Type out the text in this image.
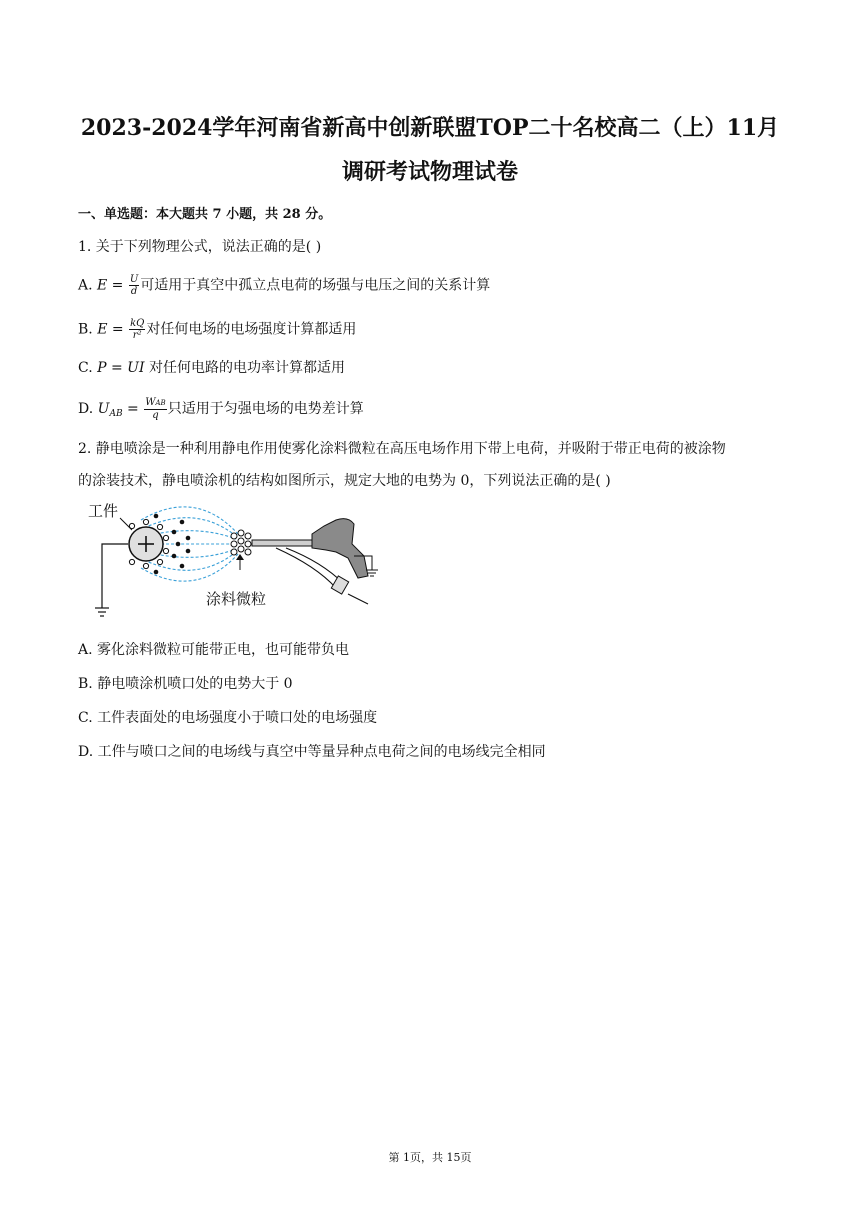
2023-2024学年河南省新高中创新联盟TOP二十名校高二（上）11月
调研考试物理试卷
一、单选题：本大题共 7 小题，共 28 分。
1. 关于下列物理公式，说法正确的是( )
A. $E = \frac{U}{d}$ 可适用于真空中孤立点电荷的场强与电压之间的关系计算
B. $E = \frac{kQ}{\text{r²}}$ 对任何电场的电场强度计算都适用
C. P = UI 对任何电路的电功率计算都适用
D. $U_{AB} = \frac{\text{WAB}}{q}$ 只适用于匀强电场的电势差计算
2. 静电喷涂是一种利用静电作用使雾化涂料微粒在高压电场作用下带上电荷，并吸附于带正电荷的被涂物
的涂装技术，静电喷涂机的结构如图所示，规定大地的电势为 0，下列说法正确的是( )
工件
涂料微粒
A. 雾化涂料微粒可能带正电，也可能带负电
B. 静电喷涂机喷口处的电势大于 0
C. 工件表面处的电场强度小于喷口处的电场强度
D. 工件与喷口之间的电场线与真空中等量异种点电荷之间的电场线完全相同
第 1页，共 15页
